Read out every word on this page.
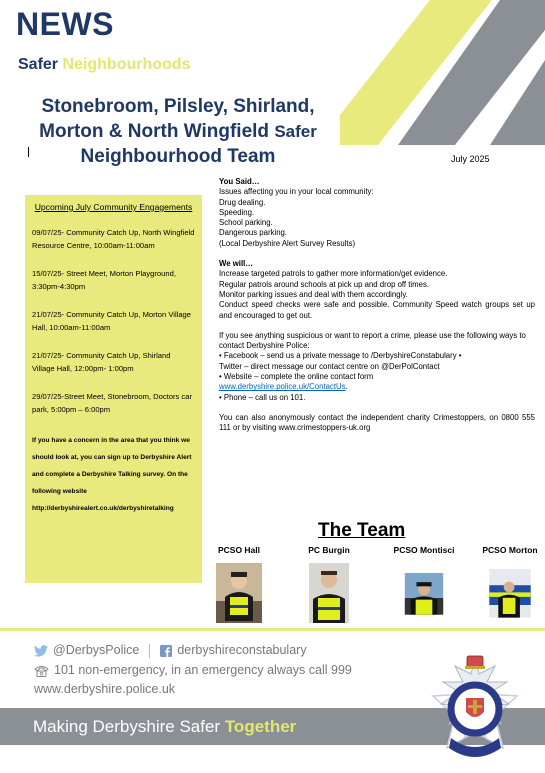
NEWS
Safer Neighbourhoods
Stonebroom, Pilsley, Shirland,
Morton & North Wingfield Safer
Neighbourhood Team	July 2025
Upcoming July Community Engagements
09/07/25- Community Catch Up, North Wingfield Resource Centre, 10:00am-11:00am
15/07/25- Street Meet, Morton Playground, 3:30pm-4:30pm
21/07/25- Community Catch Up, Morton Village Hall, 10:00am-11:00am
21/07/25- Community Catch Up, Shirland Village Hall, 12:00pm- 1:00pm
29/07/25-Street Meet, Stonebroom, Doctors car park, 5:00pm – 6:00pm
If you have a concern in the area that you think we should look at, you can sign up to Derbyshire Alert and complete a Derbyshire Talking survey. On the following website http://derbyshirealert.co.uk/derbyshiretalking

You Said…

Issues affecting you in your local community:

Drug dealing.

Speeding.

School parking.

Dangerous parking.

(Local Derbyshire Alert Survey Results)

We will…

Increase targeted patrols to gather more information/get evidence.

Regular patrols around schools at pick up and drop off times.

Monitor parking issues and deal with them accordingly.

Conduct speed checks were safe and possible. Community Speed watch groups set up and encouraged to get out.

If you see anything suspicious or want to report a crime, please use the following ways to contact Derbyshire Police:

• Facebook – send us a private message to /DerbyshireConstabulary •

Twitter – direct message our contact centre on @DerPolContact

• Website – complete the online contact form

www.derbyshire.police.uk/ContactUs.

• Phone – call us on 101.

You can also anonymously contact the independent charity Crimestoppers, on 0800 555 111 or by visiting www.crimestoppers-uk.org

The Team
PCSO Hall	PC Burgin	PCSO Montisci	PCSO Morton
@DerbysPolice	derbyshireconstabulary
101 non-emergency, in an emergency always call 999
www.derbyshire.police.uk
Making Derbyshire Safer Together
